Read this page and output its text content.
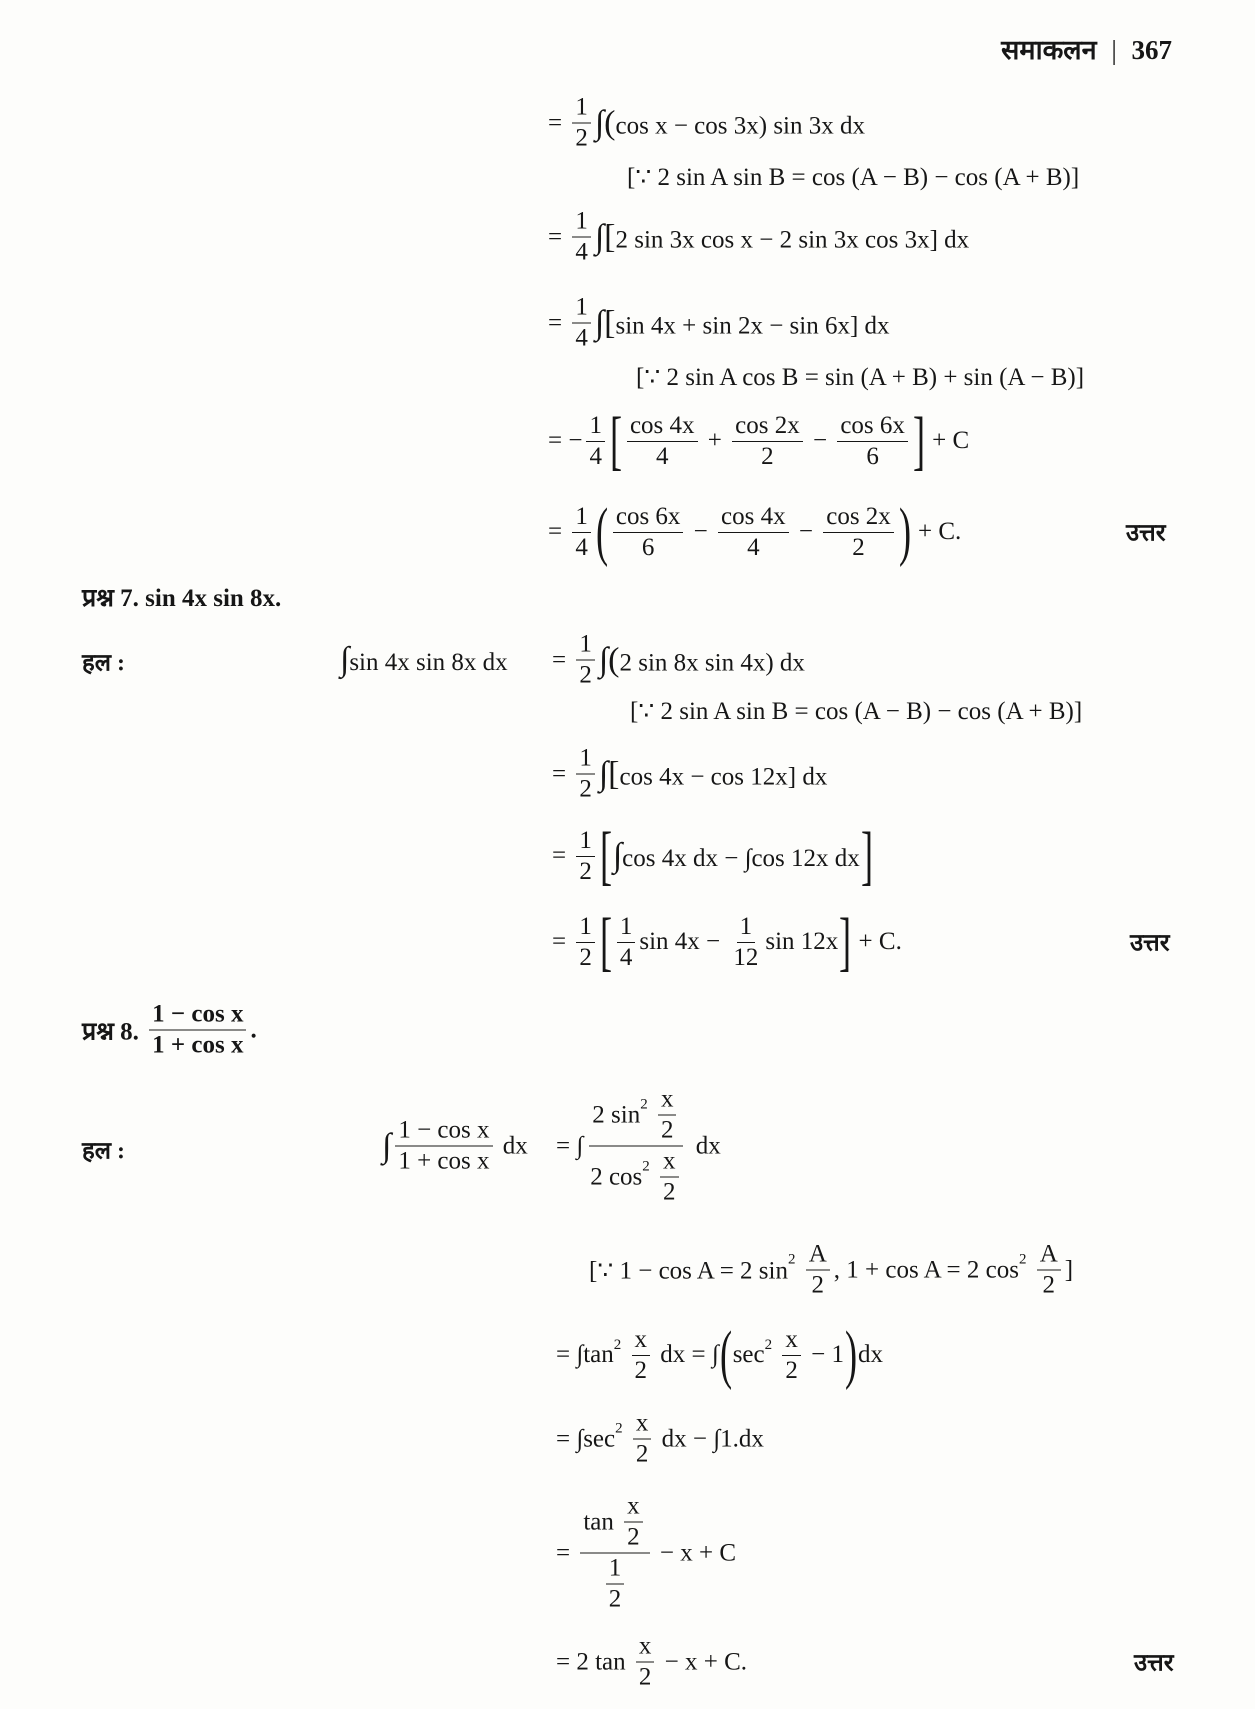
समाकलन | 367
= $\frac{1}{2} \int(\cos$ x − cos 3x) sin 3x dx
[∵ 2 sin A sin B = cos (A − B) − cos (A + B)]
= $\frac{1}{4} \int[2$ sin 3x cos x − 2 sin 3x cos 3x] dx
= $\frac{1}{4} \int[\sin$ 4x + sin 2x − sin 6x] dx
[∵ 2 sin A cos B = sin (A + B) + sin (A − B)]
= − $\frac{1}{4}$ [ $\frac{\cos 4x}{4} + \frac{\cos 2x}{2} - \frac{\cos 6x}{6}$ ] + C
= $\frac{1}{4}$ ( $\frac{\cos 6x}{6} - \frac{\cos 4x}{4} - \frac{\cos 2x}{2}$ ) + C.	उत्तर
प्रश्न 7. sin 4x sin 8x.
हल :	∫sin 4x sin 8x dx = $\frac{1}{2} \int(2$ sin 8x sin 4x) dx
[∵ 2 sin A sin B = cos (A − B) − cos (A + B)]
= $\frac{1}{2} \int[\cos$ 4x − cos 12x] dx
= $\frac{1}{2}$ [ ∫cos 4x dx − ∫cos 12x dx ]
= $\frac{1}{2}$ [ $\frac{1}{4}$ $\sin 4x - \frac{1}{12}$ sin 12x ] + C.	उत्तर
प्रश्न 8. $\frac{\text{1 − cos x}}{\text{1 + cos x}}$ .
हल :	∫ $\frac{\text{1 − cos x}}{\text{1 + cos x}}$ dx = ∫ 2 sin 2
$\frac{x}{2}$
2 cos 2
$\frac{x}{2}$ dx
[∵ 1 − cos A = 2 sin 2
$\frac{A}{2}$ , 1 + cos A = 2 cos 2
$\frac{A}{2}$ ]
= ∫tan 2
$\frac{x}{2}$ dx = ∫ ( sec 2
$\frac{x}{2} - 1$ ) dx
= ∫sec 2
$\frac{x}{2}$ dx − ∫1.dx
= $\frac{\tan \frac{x}{2}}{\frac{1}{2}} - x + C$
= 2 $\tan \frac{x}{2} - x + C$.	उत्तर
